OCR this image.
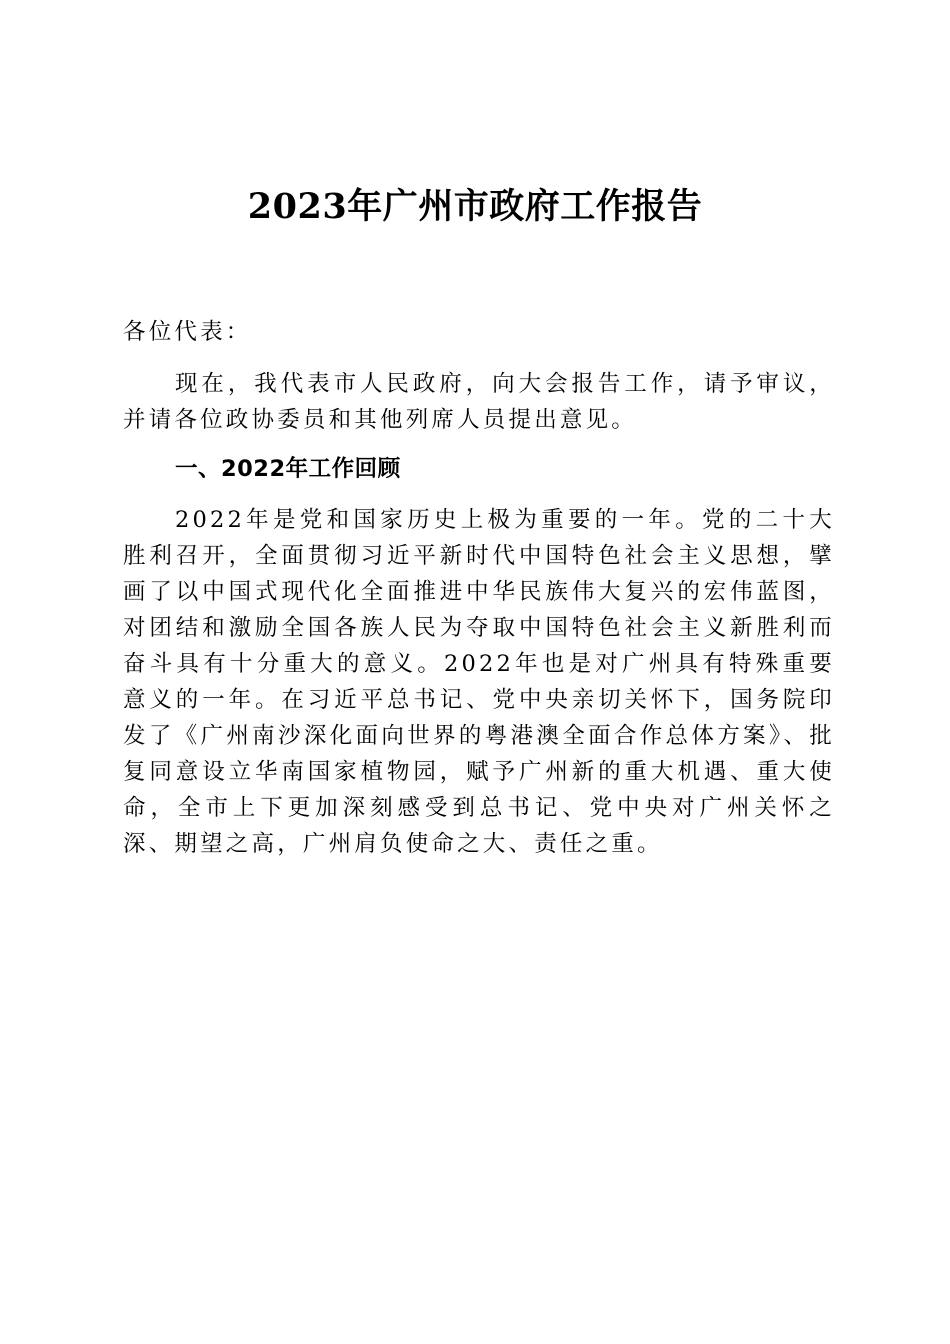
2023年广州市政府工作报告

各位代表：

现在，我代表市人民政府，向大会报告工作，请予审议，并请各位政协委员和其他列席人员提出意见。

一、2022年工作回顾

2022年是党和国家历史上极为重要的一年。党的二十大胜利召开，全面贯彻习近平新时代中国特色社会主义思想，擘画了以中国式现代化全面推进中华民族伟大复兴的宏伟蓝图，对团结和激励全国各族人民为夺取中国特色社会主义新胜利而奋斗具有十分重大的意义。2022年也是对广州具有特殊重要意义的一年。在习近平总书记、党中央亲切关怀下，国务院印发了《广州南沙深化面向世界的粤港澳全面合作总体方案》、批复同意设立华南国家植物园，赋予广州新的重大机遇、重大使命，全市上下更加深刻感受到总书记、党中央对广州关怀之深、期望之高，广州肩负使命之大、责任之重。
